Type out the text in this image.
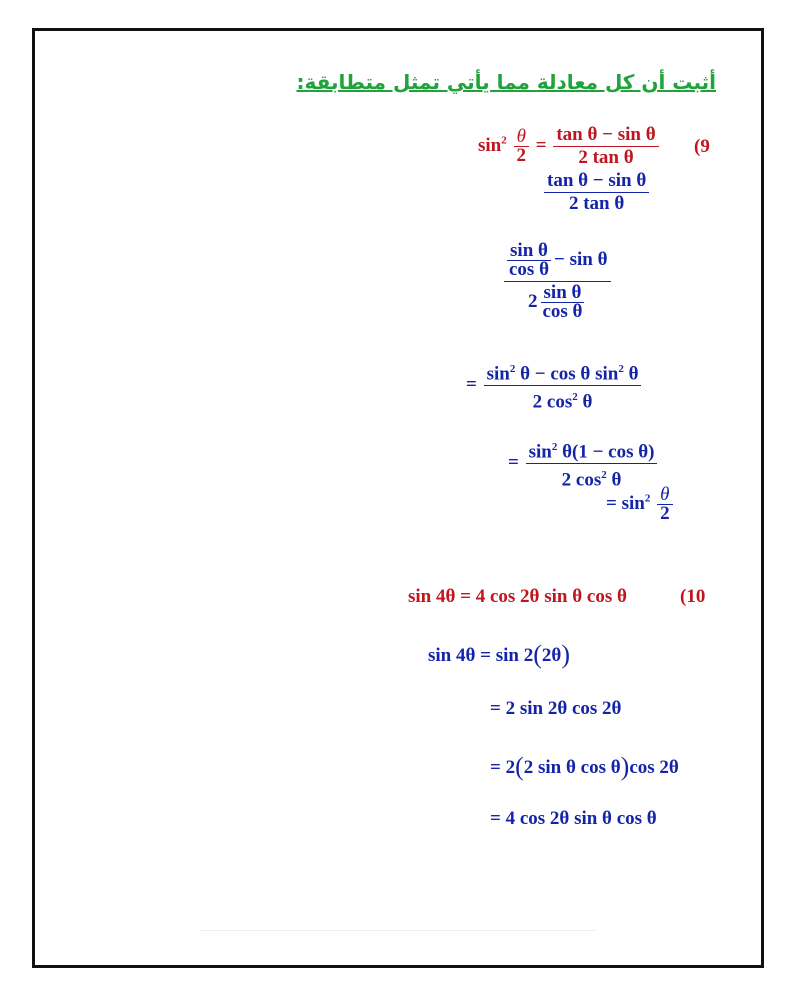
أثبت أن كل معادلة مما يأتي تمثل متطابقة:
$\sin^2 \frac{\theta}{2} = \frac{\text{tan θ − sin θ}}{\text{2 tan θ}} (9$
$\frac{\text{tan θ − sin θ}}{\text{2 tan θ}}$
$\frac{\frac{\text{sin θ}}{\text{cos θ}} - \sin \theta}{2 \frac{\text{sin θ}}{\text{cos θ}}}$
= $\frac{\sin^2 \theta - \cos \theta \sin^2 \theta}{2 \cos^2 \theta}$
= $\frac{\sin^2 \theta(1 - \cos \theta)}{2 \cos^2 \theta}$
= $\sin^2 \frac{\theta}{2}$
sin 4θ = 4 cos 2θ sin θ cos θ	(10
sin 4θ = sin 2(2θ)
= 2 sin 2θ cos 2θ
= 2(2 sin θ cos θ)cos 2θ
= 4 cos 2θ sin θ cos θ
